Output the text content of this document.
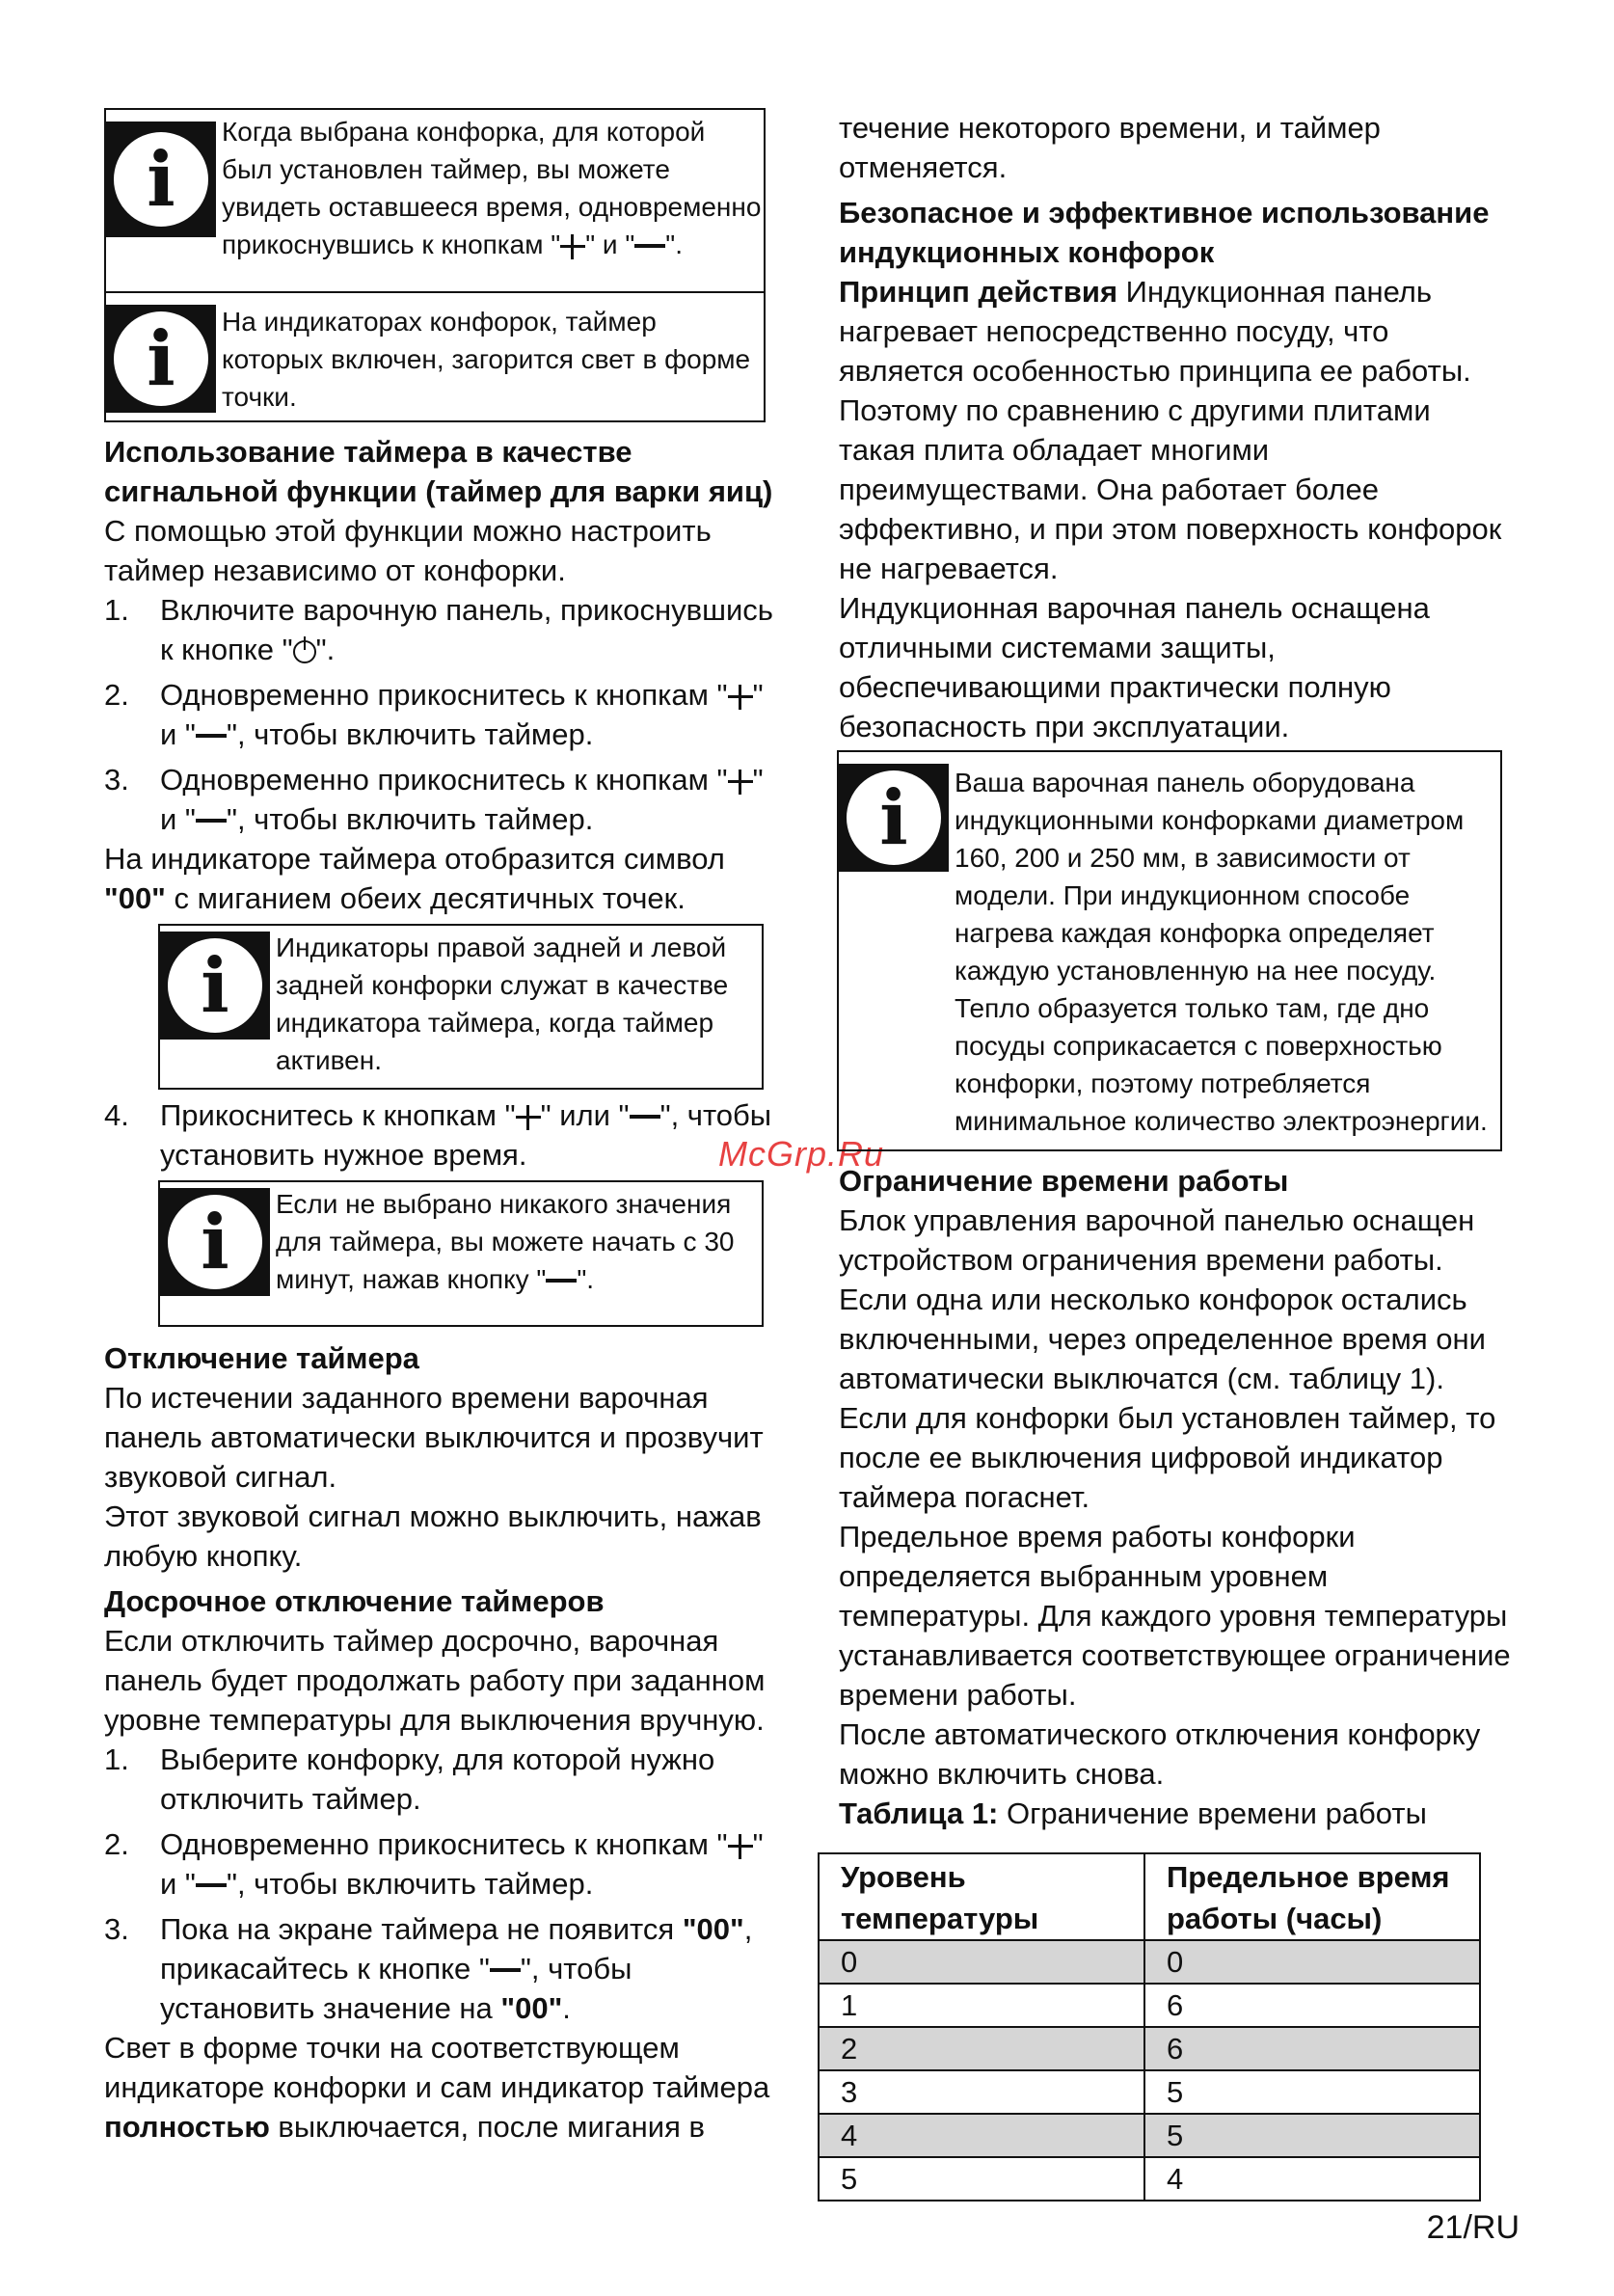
McGrp.Ru
i
Когда выбрана конфорка, для которой был установлен таймер, вы можете увидеть оставшееся время, одновременно прикоснувшись к кнопкам " " и " ".
i	На индикаторах конфорок, таймер которых включен, загорится свет в форме точки.

Использование таймера в качестве сигнальной функции (таймер для варки яиц)

С помощью этой функции можно настроить таймер независимо от конфорки.

1. Включите варочную панель, прикоснувшись к кнопке " ".
2. Одновременно прикоснитесь к кнопкам " " и " ", чтобы включить таймер.
3. Одновременно прикоснитесь к кнопкам " " и " ", чтобы включить таймер.

На индикаторе таймера отобразится символ "00" с миганием обеих десятичных точек.

i	Индикаторы правой задней и левой задней конфорки служат в качестве индикатора таймера, когда таймер активен.
4. Прикоснитесь к кнопкам " " или " ", чтобы установить нужное время.
i	Если не выбрано никакого значения для таймера, вы можете начать с 30 минут, нажав кнопку " ".

Отключение таймера

По истечении заданного времени варочная панель автоматически выключится и прозвучит звуковой сигнал.

Этот звуковой сигнал можно выключить, нажав любую кнопку.

Досрочное отключение таймеров

Если отключить таймер досрочно, варочная панель будет продолжать работу при заданном уровне температуры для выключения вручную.

1. Выберите конфорку, для которой нужно отключить таймер.
2. Одновременно прикоснитесь к кнопкам " " и " ", чтобы включить таймер.
3. Пока на экране таймера не появится "00", прикасайтесь к кнопке " ", чтобы установить значение на "00".

Свет в форме точки на соответствующем индикаторе конфорки и сам индикатор таймера полностью выключается, после мигания в

течение некоторого времени, и таймер отменяется.

Безопасное и эффективное использование индукционных конфорок

Принцип действия Индукционная панель нагревает непосредственно посуду, что является особенностью принципа ее работы. Поэтому по сравнению с другими плитами такая плита обладает многими преимуществами. Она работает более эффективно, и при этом поверхность конфорок не нагревается.

Индукционная варочная панель оснащена отличными системами защиты, обеспечивающими практически полную безопасность при эксплуатации.

i	Ваша варочная панель оборудована индукционными конфорками диаметром 160, 200 и 250 мм, в зависимости от модели. При индукционном способе нагрева каждая конфорка определяет каждую установленную на нее посуду. Тепло образуется только там, где дно посуды соприкасается с поверхностью конфорки, поэтому потребляется минимальное количество электроэнергии.

Ограничение времени работы

Блок управления варочной панелью оснащен устройством ограничения времени работы. Если одна или несколько конфорок остались включенными, через определенное время они автоматически выключатся (см. таблицу 1). Если для конфорки был установлен таймер, то после ее выключения цифровой индикатор таймера погаснет.

Предельное время работы конфорки определяется выбранным уровнем температуры. Для каждого уровня температуры устанавливается соответствующее ограничение времени работы.

После автоматического отключения конфорку можно включить снова.

Таблица 1: Ограничение времени работы

Уровень температуры	Предельное время работы (часы)
0	0
1	6
2	6
3	5
4	5
5	4
21/RU
